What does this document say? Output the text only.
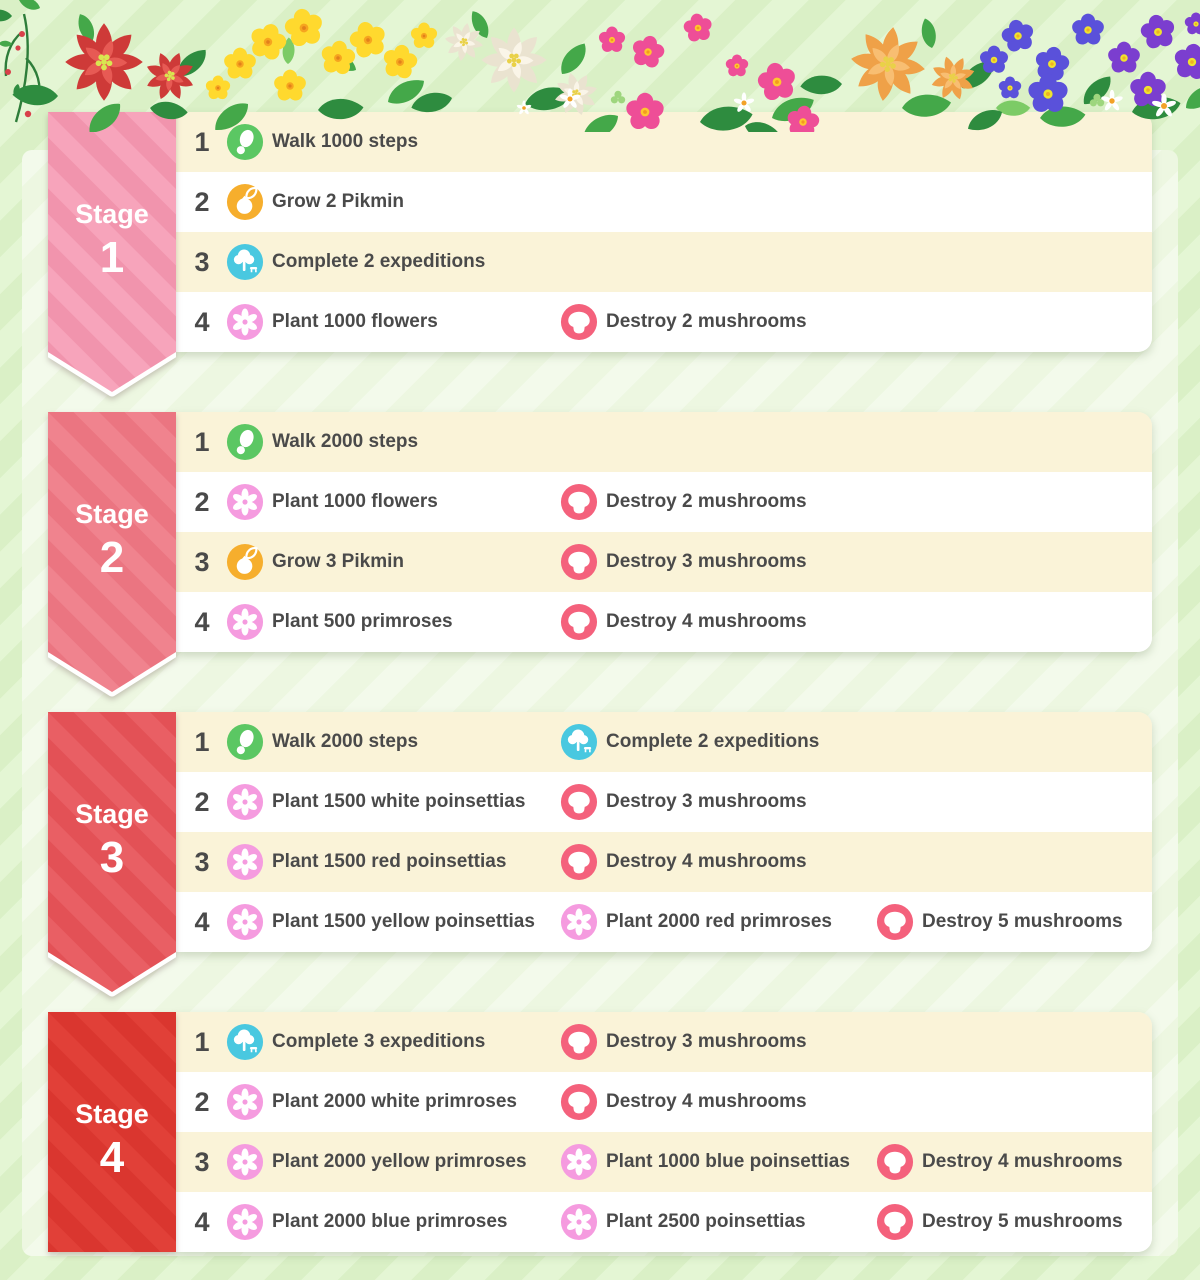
Stage
1
1	Walk 1000 steps
2	Grow 2 Pikmin
3	Complete 2 expeditions
4	Plant 1000 flowers	Destroy 2 mushrooms
Stage
2
1	Walk 2000 steps
2	Plant 1000 flowers	Destroy 2 mushrooms
3	Grow 3 Pikmin	Destroy 3 mushrooms
4	Plant 500 primroses	Destroy 4 mushrooms
Stage
3
1	Walk 2000 steps	Complete 2 expeditions
2	Plant 1500 white poinsettias	Destroy 3 mushrooms
3	Plant 1500 red poinsettias	Destroy 4 mushrooms
4	Plant 1500 yellow poinsettias	Plant 2000 red primroses	Destroy 5 mushrooms
Stage
4
1	Complete 3 expeditions	Destroy 3 mushrooms
2	Plant 2000 white primroses	Destroy 4 mushrooms
3	Plant 2000 yellow primroses	Plant 1000 blue poinsettias	Destroy 4 mushrooms
4	Plant 2000 blue primroses	Plant 2500 poinsettias	Destroy 5 mushrooms
